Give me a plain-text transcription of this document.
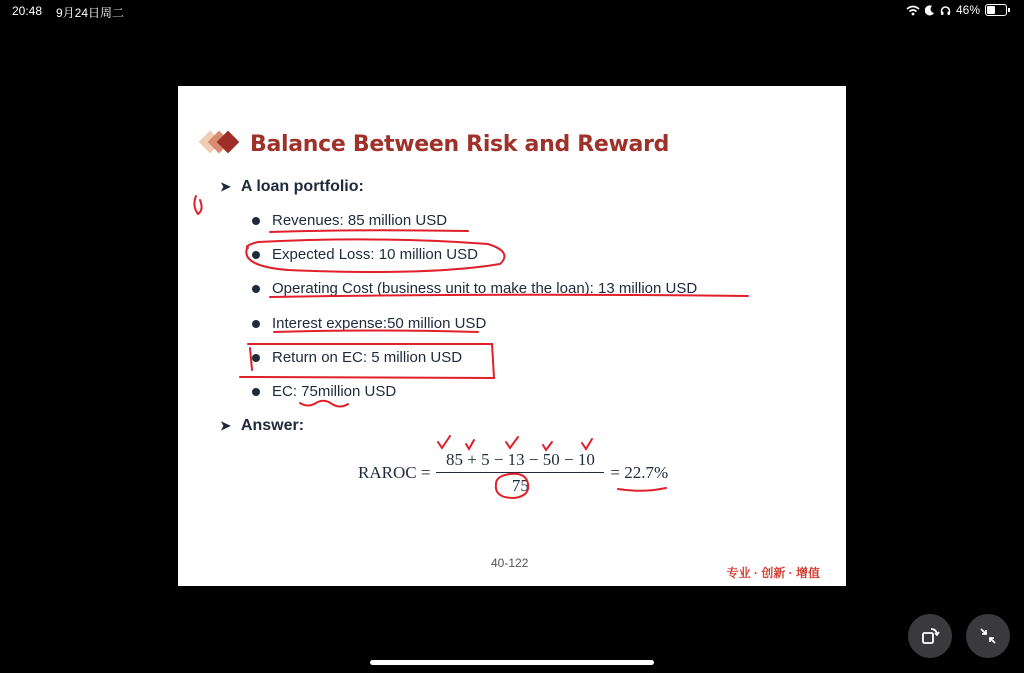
20:48 9月24日周二	46%
Balance Between Risk and Reward
➤ A loan portfolio:
Revenues: 85 million USD
Expected Loss: 10 million USD
Operating Cost (business unit to make the loan): 13 million USD
Interest expense:50 million USD
Return on EC: 5 million USD
EC: 75million USD
➤ Answer:
RAROC = $\frac{85 + 5 - 13 - 50 - 10}{75} = 22.7\%$
40-122
专业 · 创新 · 增值
